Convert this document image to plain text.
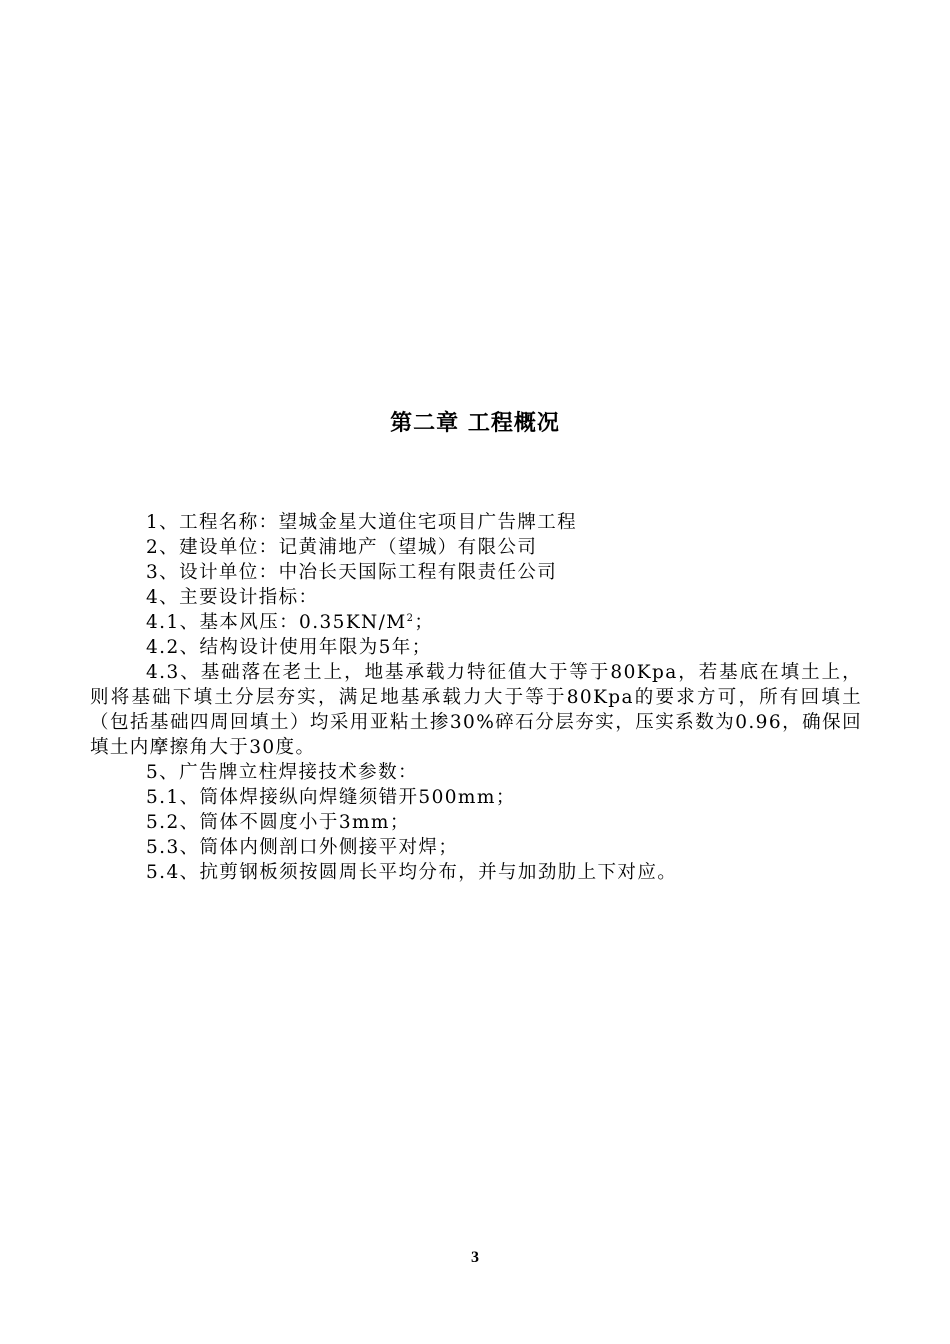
第二章 工程概况

1、工程名称：望城金星大道住宅项目广告牌工程

2、建设单位：记黄浦地产（望城）有限公司

3、设计单位：中冶长天国际工程有限责任公司

4、主要设计指标：

4.1、基本风压：$0.35KN/M^2$；

4.2、结构设计使用年限为5年；

4.3、基础落在老土上，地基承载力特征值大于等于80Kpa，若基底在填土上，则将基础下填土分层夯实，满足地基承载力大于等于80Kpa的要求方可，所有回填土（包括基础四周回填土）均采用亚粘土掺30%碎石分层夯实，压实系数为0.96，确保回填土内摩擦角大于30度。

5、广告牌立柱焊接技术参数：

5.1、筒体焊接纵向焊缝须错开500mm；

5.2、筒体不圆度小于3mm；

5.3、筒体内侧剖口外侧接平对焊；

5.4、抗剪钢板须按圆周长平均分布，并与加劲肋上下对应。

3
